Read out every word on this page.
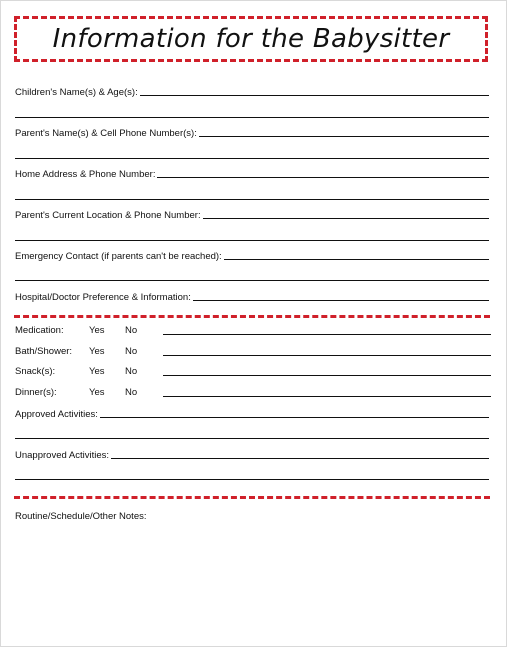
Information for the Babysitter
Children's Name(s) & Age(s):
Parent's Name(s) & Cell Phone Number(s):
Home Address & Phone Number:
Parent's Current Location & Phone Number:
Emergency Contact (if parents can't be reached):
Hospital/Doctor Preference & Information:
Medication:	Yes No
Bath/Shower: Yes No
Snack(s):	Yes No
Dinner(s):	Yes No
Approved Activities:
Unapproved Activities:
Routine/Schedule/Other Notes:
